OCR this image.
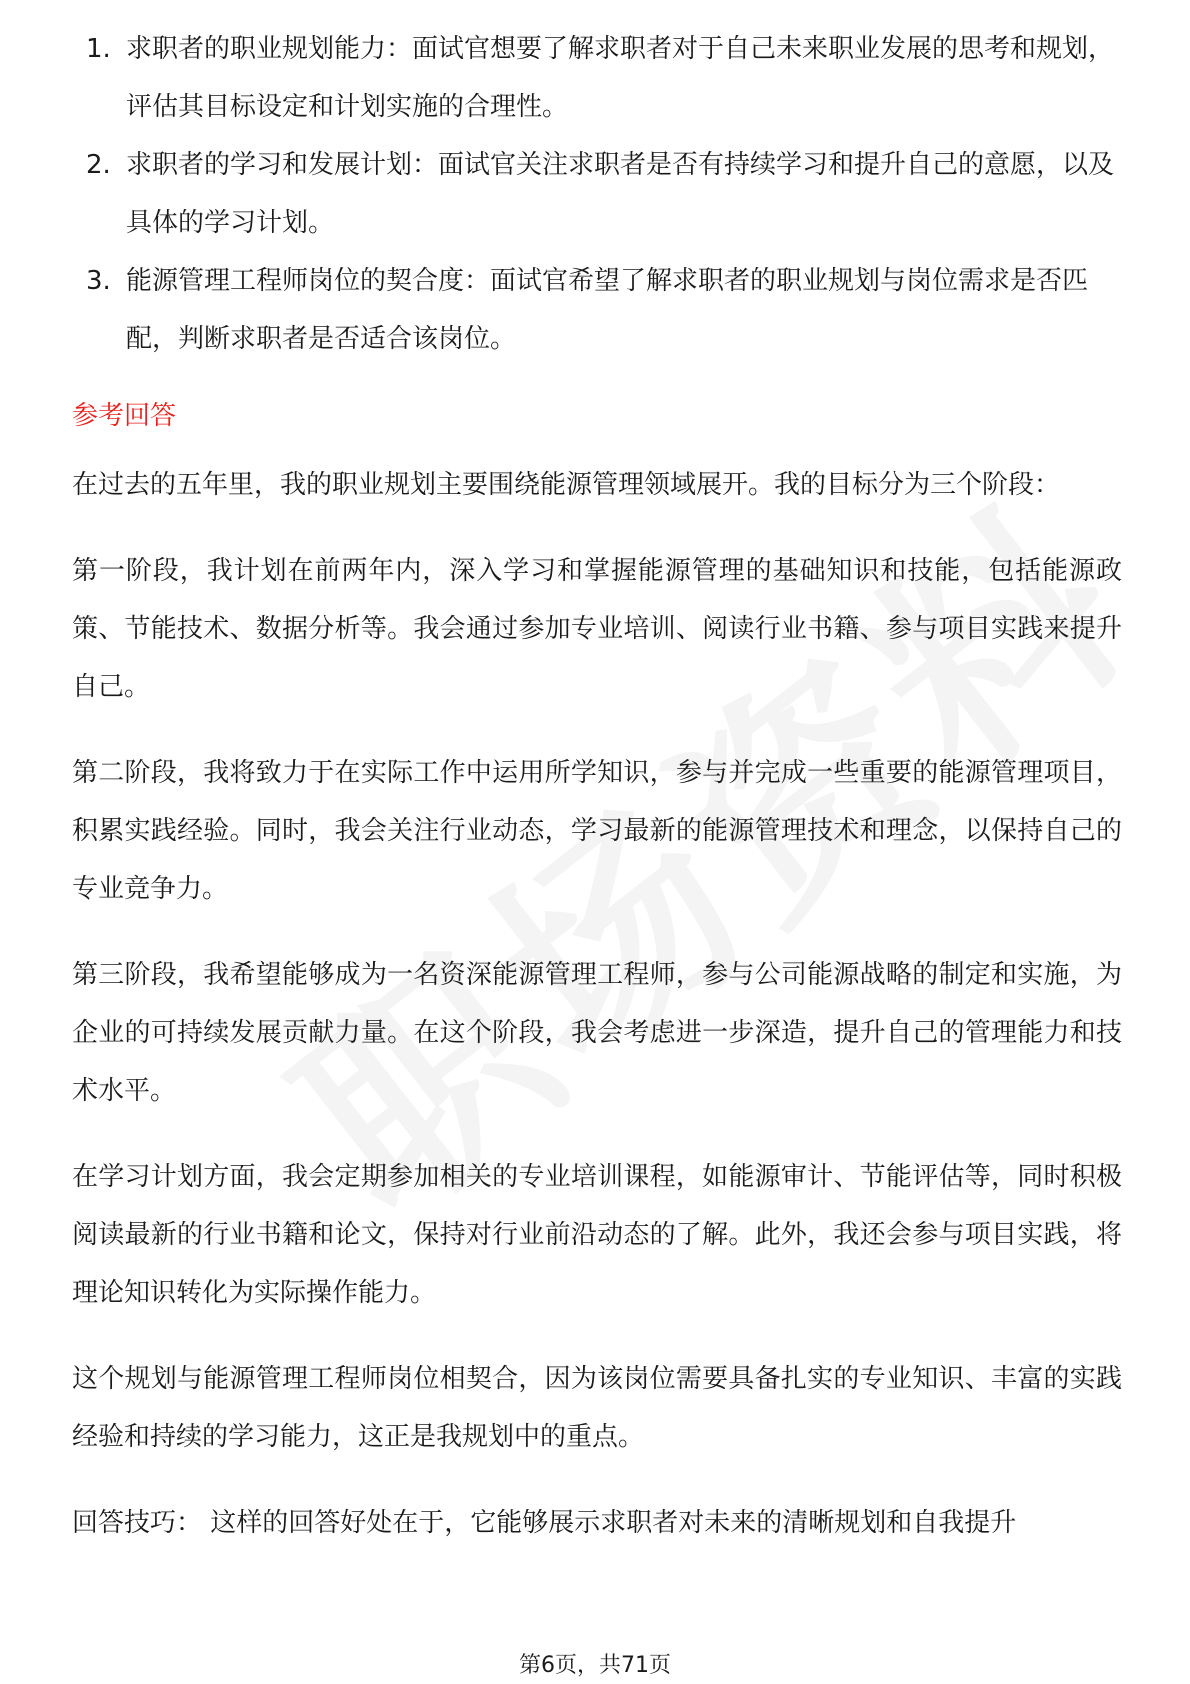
1. 求职者的职业规划能力：面试官想要了解求职者对于自己未来职业发展的思考和规划，评估其目标设定和计划实施的合理性。
2. 求职者的学习和发展计划：面试官关注求职者是否有持续学习和提升自己的意愿，以及具体的学习计划。
3. 能源管理工程师岗位的契合度：面试官希望了解求职者的职业规划与岗位需求是否匹配，判断求职者是否适合该岗位。
参考回答

在过去的五年里，我的职业规划主要围绕能源管理领域展开。我的目标分为三个阶段：

第一阶段，我计划在前两年内，深入学习和掌握能源管理的基础知识和技能，包括能源政策、节能技术、数据分析等。我会通过参加专业培训、阅读行业书籍、参与项目实践来提升自己。

第二阶段，我将致力于在实际工作中运用所学知识，参与并完成一些重要的能源管理项目，积累实践经验。同时，我会关注行业动态，学习最新的能源管理技术和理念，以保持自己的专业竞争力。

第三阶段，我希望能够成为一名资深能源管理工程师，参与公司能源战略的制定和实施，为企业的可持续发展贡献力量。在这个阶段，我会考虑进一步深造，提升自己的管理能力和技术水平。

在学习计划方面，我会定期参加相关的专业培训课程，如能源审计、节能评估等，同时积极阅读最新的行业书籍和论文，保持对行业前沿动态的了解。此外，我还会参与项目实践，将理论知识转化为实际操作能力。

这个规划与能源管理工程师岗位相契合，因为该岗位需要具备扎实的专业知识、丰富的实践经验和持续的学习能力，这正是我规划中的重点。

回答技巧： 这样的回答好处在于，它能够展示求职者对未来的清晰规划和自我提升

第6页，共71页
